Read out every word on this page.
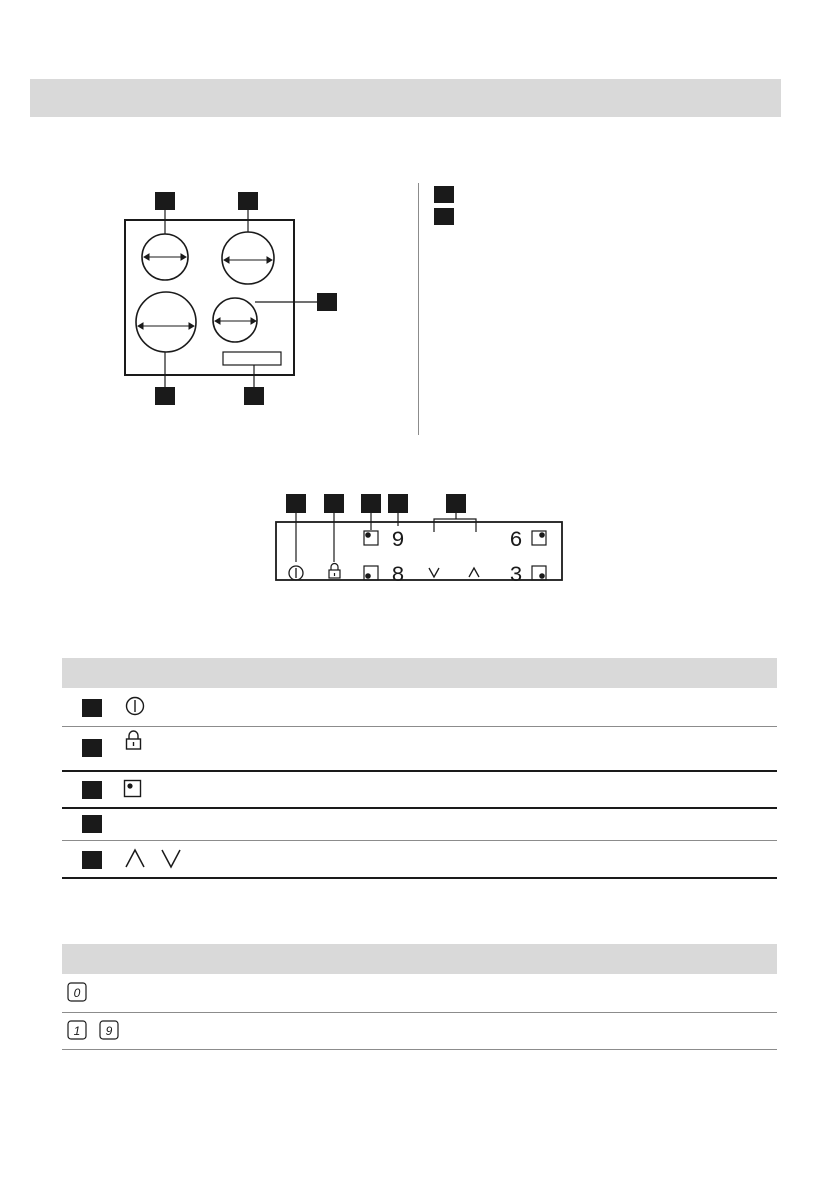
9
8
6
3
0
1 9
